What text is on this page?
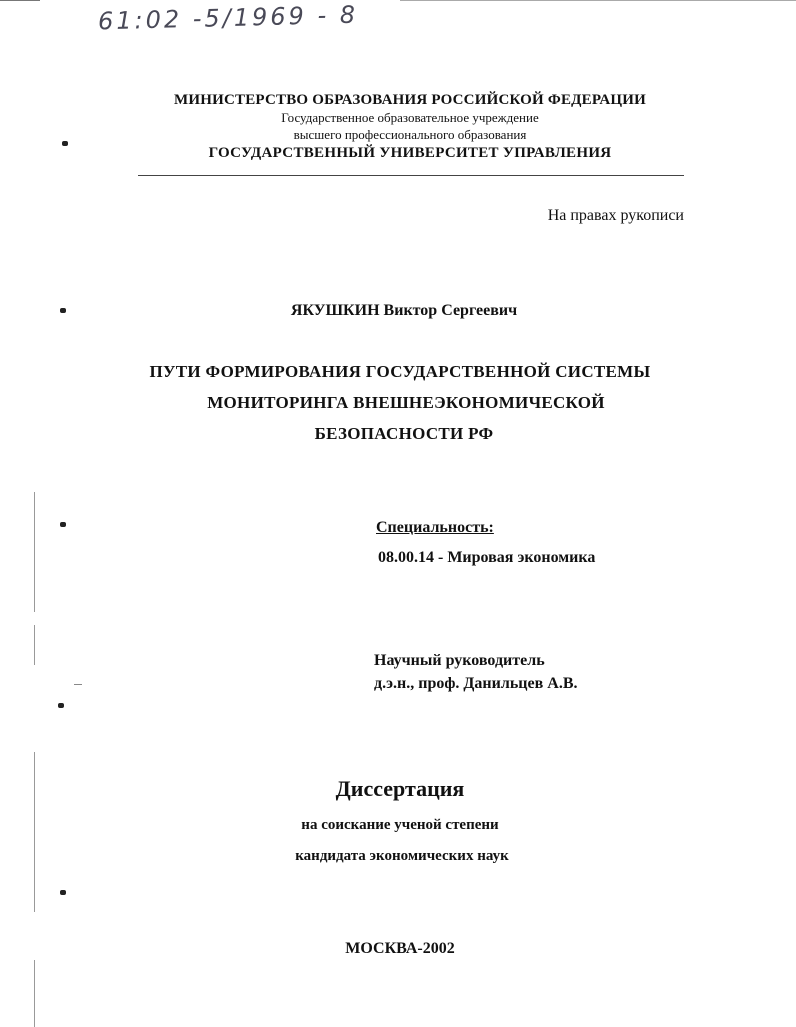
61:02 -5/1969 - 8
МИНИСТЕРСТВО ОБРАЗОВАНИЯ РОССИЙСКОЙ ФЕДЕРАЦИИ
Государственное образовательное учреждение
высшего профессионального образования
ГОСУДАРСТВЕННЫЙ УНИВЕРСИТЕТ УПРАВЛЕНИЯ
На правах рукописи
ЯКУШКИН Виктор Сергеевич
ПУТИ ФОРМИРОВАНИЯ ГОСУДАРСТВЕННОЙ СИСТЕМЫ
МОНИТОРИНГА ВНЕШНЕЭКОНОМИЧЕСКОЙ
БЕЗОПАСНОСТИ РФ
Специальность:
08.00.14 - Мировая экономика
Научный руководитель
д.э.н., проф. Данильцев А.В.
Диссертация
на соискание ученой степени
кандидата экономических наук
МОСКВА-2002
